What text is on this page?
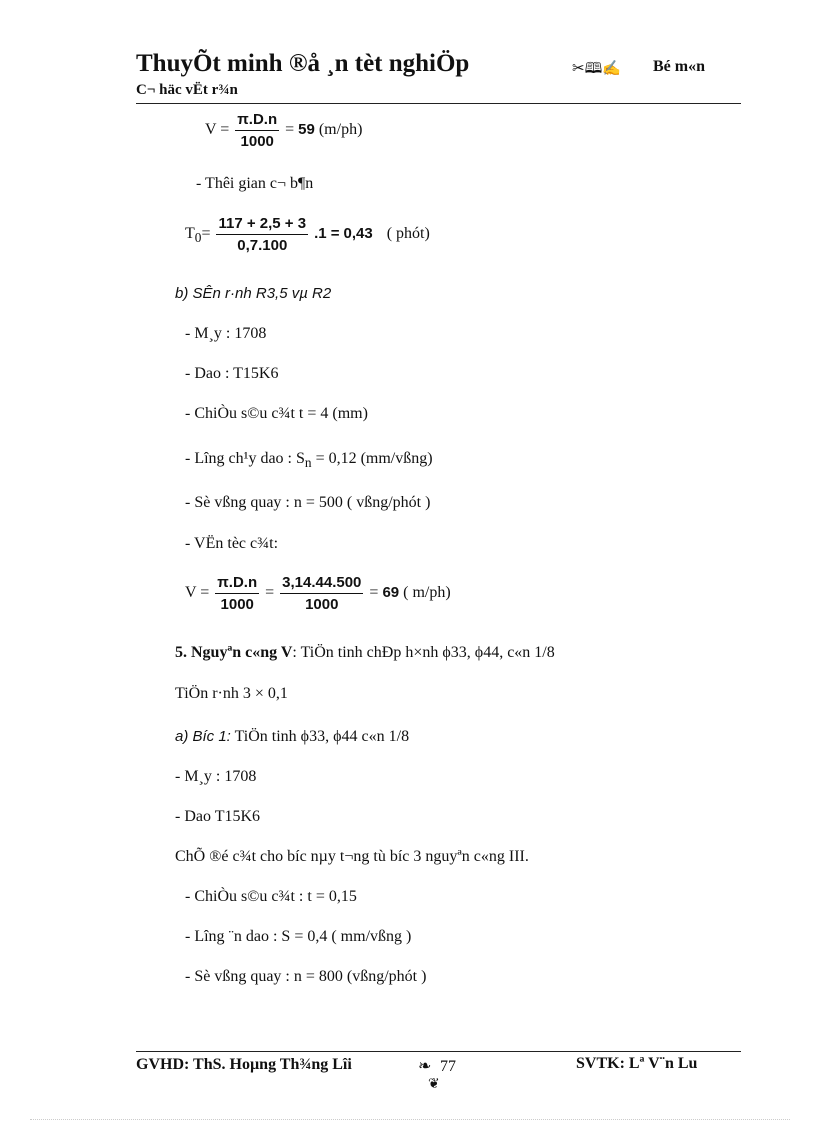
ThuyÕt minh ®å ¸n tèt nghiÖp	✂🕮✍ Bé m«n
C¬ häc vËt r¾n
$V = \frac{\pi.D.n}{1000} = 59$ (m/ph)
- Thêi gian c¬ b¶n
$T_0= \frac{117 + 2,5 + 3}{0,7.100} .1 = 0,43$ ( phót)
b) SÊn r·nh R3,5 vµ R2
- M¸y : 1708
- Dao : T15K6
- ChiÒu s©u c¾t t = 4 (mm)
- Lîng ch¹y dao : $S_n = 0,12$ (mm/vßng)
- Sè vßng quay : n = 500 ( vßng/phót )
- VËn tèc c¾t:
$V = \frac{\pi.D.n}{1000} = \frac{3,14.44.500}{1000} = 69$ ( m/ph)
5. Nguyªn c«ng V: TiÖn tinh chÐp h×nh ϕ33, ϕ44, c«n 1/8
TiÖn r·nh 3 × 0,1
a) Bíc 1: TiÖn tinh ϕ33, ϕ44 c«n 1/8
- M¸y : 1708
- Dao T15K6
ChÕ ®é c¾t cho bíc nµy t¬ng tù bíc 3 nguyªn c«ng III.
- ChiÒu s©u c¾t : t = 0,15
- Lîng ¨n dao : S = 0,4 ( mm/vßng )
- Sè vßng quay : n = 800 (vßng/phót )
GVHD: ThS. Hoµng Th¾ng Lîi	❧ 77	SVTK: Lª V¨n Lu
❦
